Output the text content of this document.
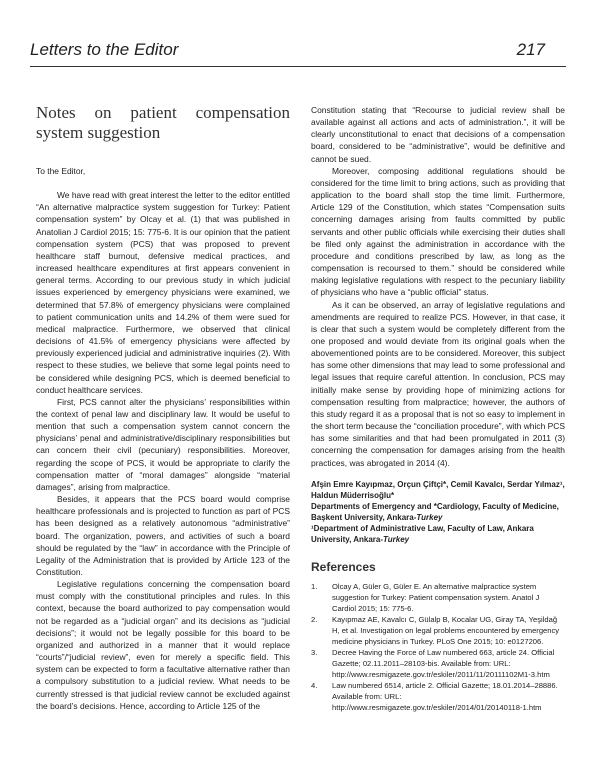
Letters to the Editor	217
Notes on patient compensation system suggestion

To the Editor,

We have read with great interest the letter to the editor entitled “An alternative malpractice system suggestion for Turkey: Patient compensation system” by Olcay et al. (1) that was published in Anatolian J Cardiol 2015; 15: 775-6. It is our opinion that the patient compensation system (PCS) that was proposed to prevent healthcare staff burnout, defensive medical practices, and increased healthcare expenditures at first appears convenient in general terms. According to our previous study in which judicial issues experienced by emergency physicians were examined, we determined that 57.8% of emergency physicians were complained to patient communication units and 14.2% of them were sued for medical malpractice. Furthermore, we observed that clinical decisions of 41.5% of emergency physicians were affected by previously experienced judicial and administrative inquiries (2). With respect to these studies, we believe that some legal points need to be considered while designing PCS, which is deemed beneficial to conduct healthcare services.

First, PCS cannot alter the physicians’ responsibilities within the context of penal law and disciplinary law. It would be useful to mention that such a compensation system cannot concern the physicians’ penal and administrative/disciplinary responsibilities but can concern their civil (pecuniary) responsibilities. Moreover, regarding the scope of PCS, it would be appropriate to clarify the compensation matter of “moral damages” alongside “material damages”, arising from malpractice.

Besides, it appears that the PCS board would comprise healthcare professionals and is projected to function as part of PCS has been designed as a relatively autonomous “administrative” board. The organization, powers, and activities of such a board should be regulated by the “law” in accordance with the Principle of Legality of the Administration that is provided by Article 123 of the Constitution.

Legislative regulations concerning the compensation board must comply with the constitutional principles and rules. In this context, because the board authorized to pay compensation would not be regarded as a “judicial organ” and its decisions as “judicial decisions”; it would not be legally possible for this board to be organized and authorized in a manner that it would replace “courts”/“judicial review”, even for merely a specific field. This system can be expected to form a facultative alternative rather than a compulsory substitution to a judicial review. What needs to be currently stressed is that judicial review cannot be excluded against the board’s decisions. Hence, according to Article 125 of the

Constitution stating that “Recourse to judicial review shall be available against all actions and acts of administration.”, it will be clearly unconstitutional to enact that decisions of a compensation board, considered to be “administrative”, would be definitive and cannot be sued.

Moreover, composing additional regulations should be considered for the time limit to bring actions, such as providing that application to the board shall stop the time limit. Furthermore, Article 129 of the Constitution, which states “Compensation suits concerning damages arising from faults committed by public servants and other public officials while exercising their duties shall be filed only against the administration in accordance with the procedure and conditions prescribed by law, as long as the compensation is recoursed to them.” should be considered while making legislative regulations with respect to the pecuniary liability of physicians who have a “public official” status.

As it can be observed, an array of legislative regulations and amendments are required to realize PCS. However, in that case, it is clear that such a system would be completely different from the one proposed and would deviate from its original goals when the abovementioned points are to be considered. Moreover, this subject has some other dimensions that may lead to some professional and legal issues that require careful attention. In conclusion, PCS may initially make sense by providing hope of minimizing actions for compensation resulting from malpractice; however, the authors of this study regard it as a proposal that is not so easy to implement in the short term because the “conciliation procedure”, with which PCS has some similarities and that had been promulgated in 2011 (3) concerning the compensation for damages arising from the health practices, was abrogated in 2014 (4).

Afşin Emre Kayıpmaz, Orçun Çiftçi*, Cemil Kavalcı, Serdar Yılmaz¹, Haldun Müderrisoğlu*

Departments of Emergency and *Cardiology, Faculty of Medicine, Başkent University, Ankara-Turkey

¹Department of Administrative Law, Faculty of Law, Ankara University, Ankara-Turkey

References
1. Olcay A, Güler G, Güler E. An alternative malpractice system suggestion for Turkey: Patient compensation system. Anatol J Cardiol 2015; 15: 775-6.
2. Kayıpmaz AE, Kavalcı C, Gülalp B, Kocalar UG, Giray TA, Yeşildağ H, et al. Investigation on legal problems encountered by emergency medicine physicians in Turkey. PLoS One 2015; 10: e0127206.
3. Decree Having the Force of Law numbered 663, article 24. Official Gazette; 02.11.2011–28103-bis. Available from: URL: http://www.resmigazete.gov.tr/eskiler/2011/11/20111102M1-3.htm
4. Law numbered 6514, article 2. Official Gazette; 18.01.2014–28886. Available from: URL: http://www.resmigazete.gov.tr/eskiler/2014/01/20140118-1.htm
